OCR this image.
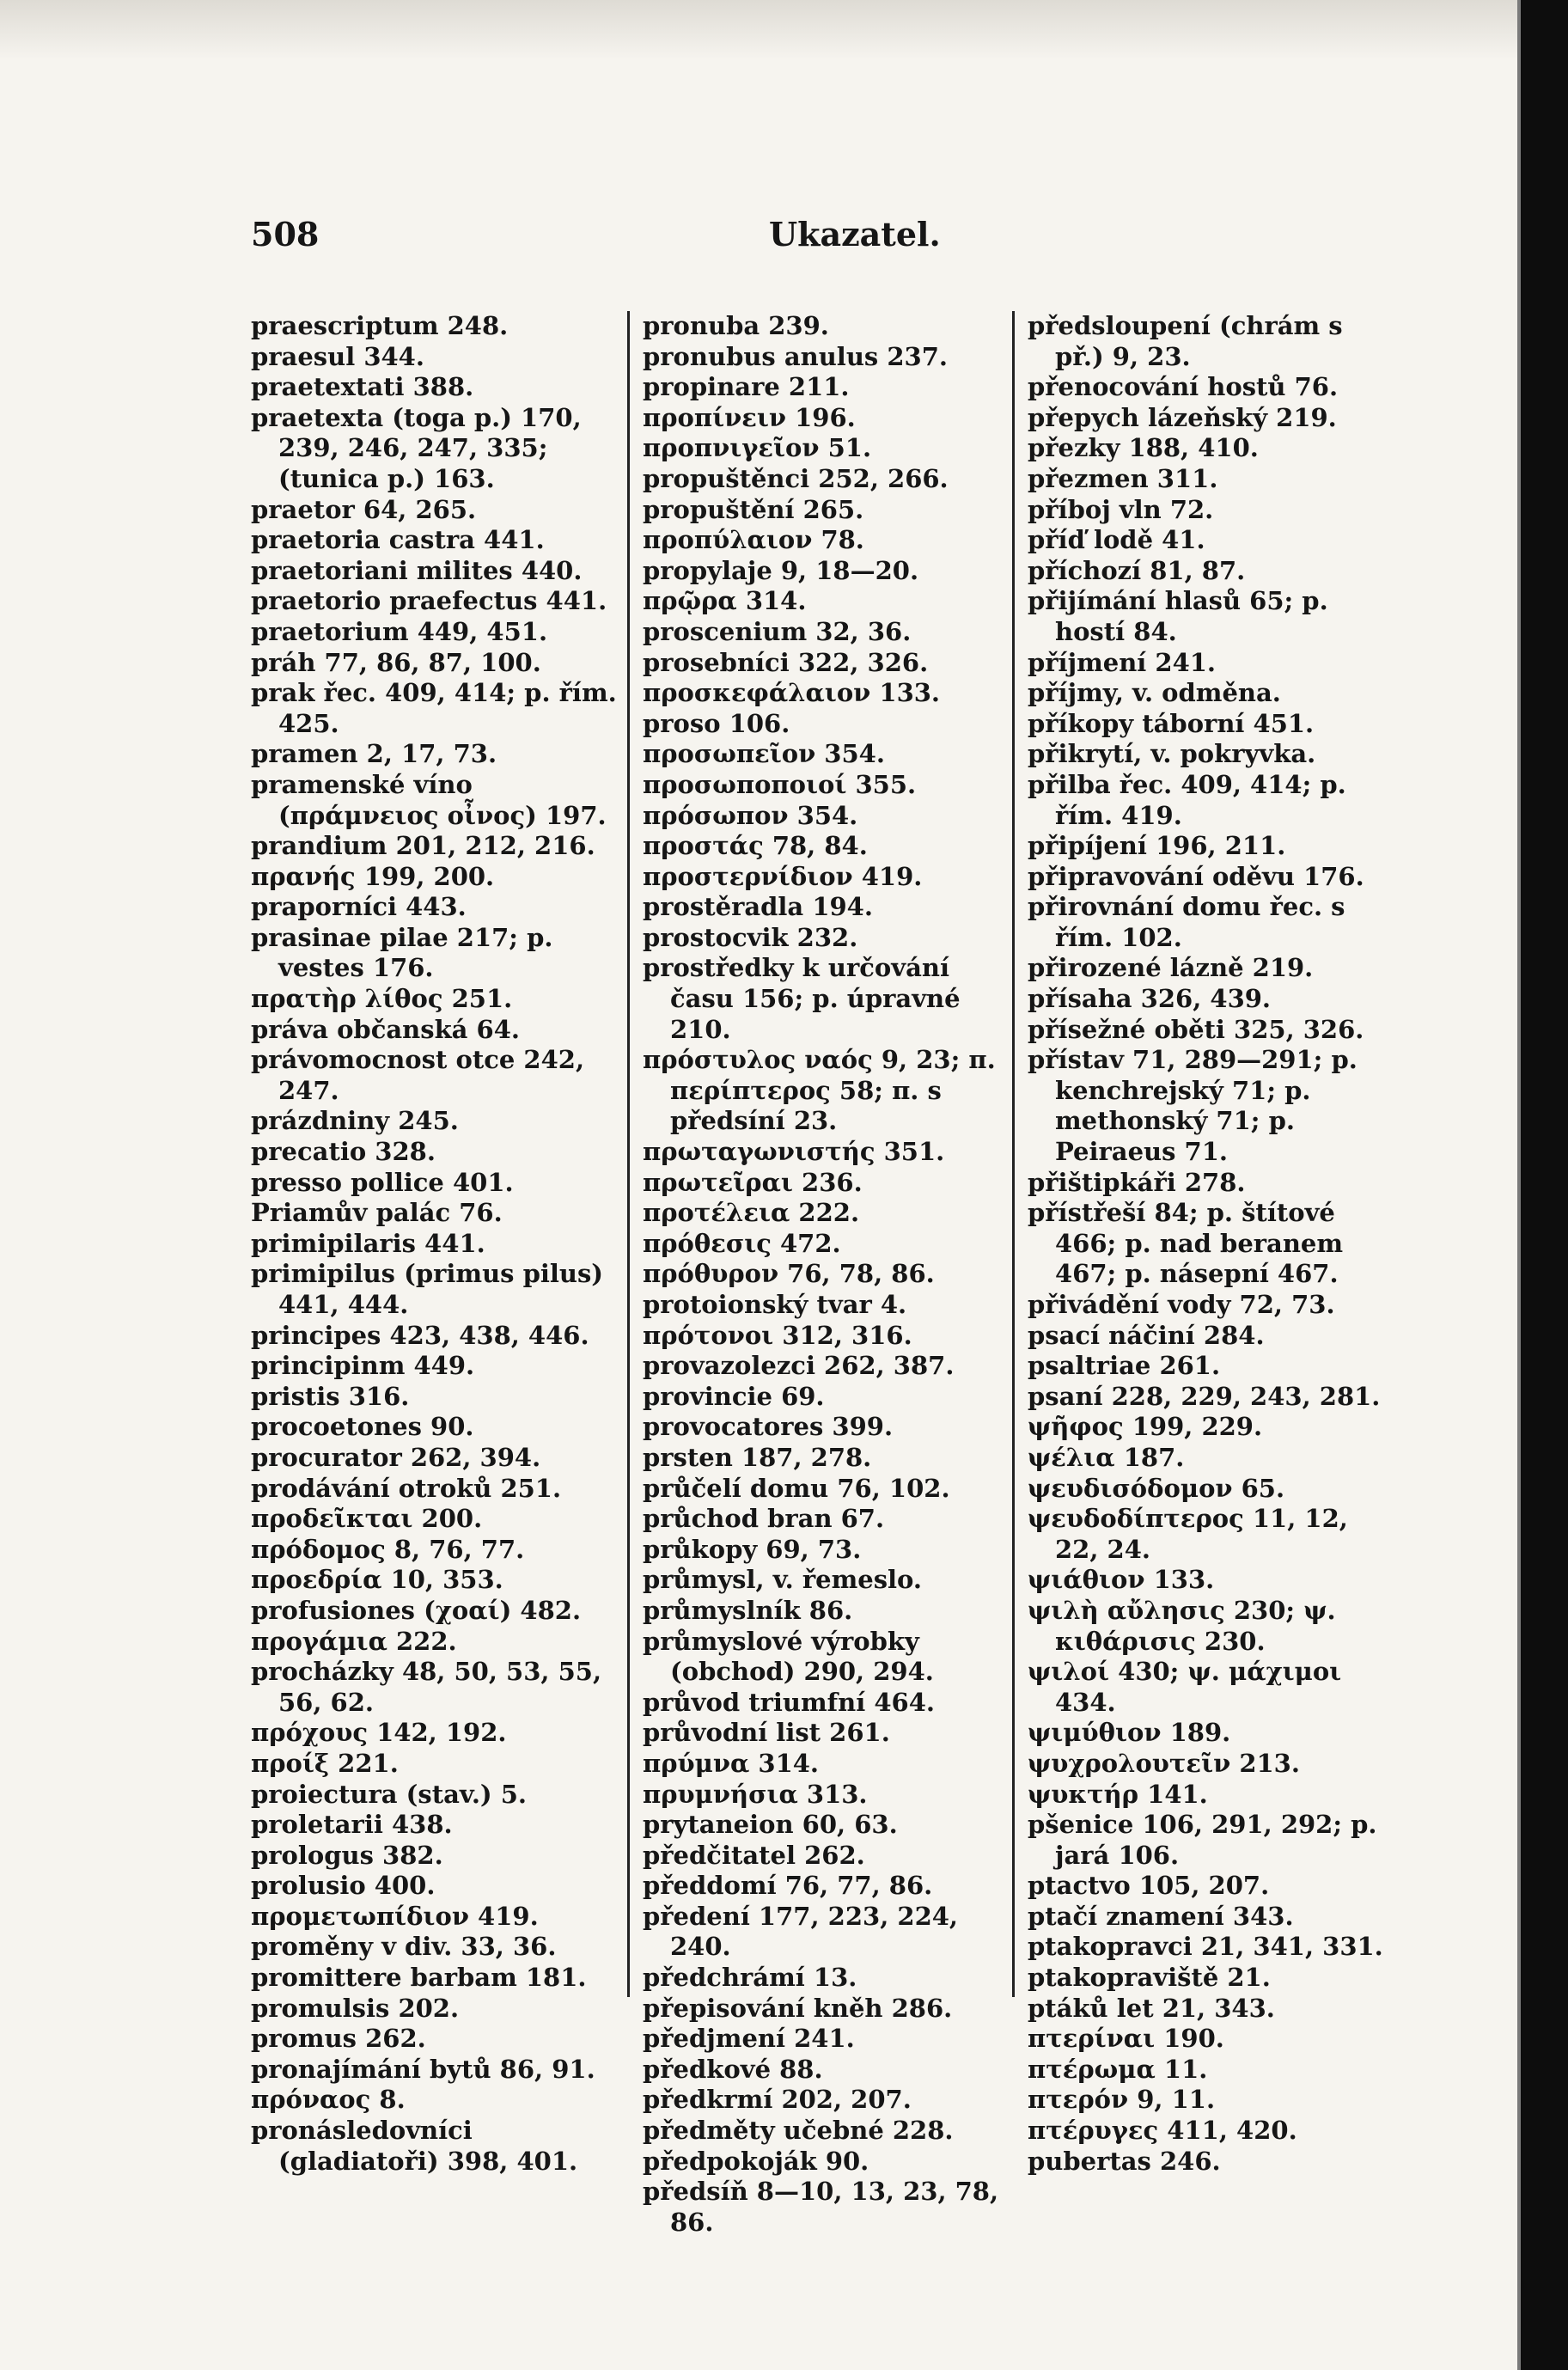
508	Ukazatel.
praescriptum 248.
praesul 344.
praetextati 388.
praetexta (toga p.) 170, 239, 246, 247, 335; (tunica p.) 163.
praetor 64, 265.
praetoria castra 441.
praetoriani milites 440.
praetorio praefectus 441.
praetorium 449, 451.
práh 77, 86, 87, 100.
prak řec. 409, 414; p. řím. 425.
pramen 2, 17, 73.
pramenské víno (πράμνειος οἶνος) 197.
prandium 201, 212, 216.
πρανής 199, 200.
praporníci 443.
prasinae pilae 217; p. vestes 176.
πρατὴρ λίθος 251.
práva občanská 64.
právomocnost otce 242, 247.
prázdniny 245.
precatio 328.
presso pollice 401.
Priamův palác 76.
primipilaris 441.
primipilus (primus pilus) 441, 444.
principes 423, 438, 446.
principinm 449.
pristis 316.
procoetones 90.
procurator 262, 394.
prodávání otroků 251.
προδεῖκται 200.
πρόδομος 8, 76, 77.
προεδρία 10, 353.
profusiones (χοαί) 482.
προγάμια 222.
procházky 48, 50, 53, 55, 56, 62.
πρόχους 142, 192.
προίξ 221.
proiectura (stav.) 5.
proletarii 438.
prologus 382.
prolusio 400.
προμετωπίδιον 419.
proměny v div. 33, 36.
promittere barbam 181.
promulsis 202.
promus 262.
pronajímání bytů 86, 91.
πρόναος 8.
pronásledovníci (gladiatoři) 398, 401.
pronuba 239.
pronubus anulus 237.
propinare 211.
προπίνειν 196.
προπνιγεῖον 51.
propuštěnci 252, 266.
propuštění 265.
προπύλαιον 78.
propylaje 9, 18—20.
πρῷρα 314.
proscenium 32, 36.
prosebníci 322, 326.
προσκεφάλαιον 133.
proso 106.
προσωπεῖον 354.
προσωποποιοί 355.
πρόσωπον 354.
προστάς 78, 84.
προστερνίδιον 419.
prostěradla 194.
prostocvik 232.
prostředky k určování času 156; p. úpravné 210.
πρόστυλος ναός 9, 23; π. περίπτερος 58; π. s předsíní 23.
πρωταγωνιστής 351.
πρωτεῖραι 236.
προτέλεια 222.
πρόθεσις 472.
πρόθυρον 76, 78, 86.
protoionský tvar 4.
πρότονοι 312, 316.
provazolezci 262, 387.
provincie 69.
provocatores 399.
prsten 187, 278.
průčelí domu 76, 102.
průchod bran 67.
průkopy 69, 73.
průmysl, v. řemeslo.
průmyslník 86.
průmyslové výrobky (obchod) 290, 294.
průvod triumfní 464.
průvodní list 261.
πρύμνα 314.
πρυμνήσια 313.
prytaneion 60, 63.
předčitatel 262.
předdomí 76, 77, 86.
předení 177, 223, 224, 240.
předchrámí 13.
přepisování kněh 286.
předjmení 241.
předkové 88.
předkrmí 202, 207.
předměty učebné 228.
předpokoják 90.
předsíň 8—10, 13, 23, 78, 86.
předsloupení (chrám s př.) 9, 23.
přenocování hostů 76.
přepych lázeňský 219.
přezky 188, 410.
přezmen 311.
příboj vln 72.
příď lodě 41.
příchozí 81, 87.
přijímání hlasů 65; p. hostí 84.
příjmení 241.
příjmy, v. odměna.
příkopy táborní 451.
přikrytí, v. pokryvka.
přilba řec. 409, 414; p. řím. 419.
připíjení 196, 211.
připravování oděvu 176.
přirovnání domu řec. s řím. 102.
přirozené lázně 219.
přísaha 326, 439.
přísežné oběti 325, 326.
přístav 71, 289—291; p. kenchrejský 71; p. methonský 71; p. Peiraeus 71.
přištipkáři 278.
přístřeší 84; p. štítové 466; p. nad beranem 467; p. násepní 467.
přivádění vody 72, 73.
psací náčiní 284.
psaltriae 261.
psaní 228, 229, 243, 281.
ψῆφος 199, 229.
ψέλια 187.
ψευδισόδομον 65.
ψευδοδίπτερος 11, 12, 22, 24.
ψιάθιον 133.
ψιλὴ αὔλησις 230; ψ. κιθάρισις 230.
ψιλοί 430; ψ. μάχιμοι 434.
ψιμύθιον 189.
ψυχρολουτεῖν 213.
ψυκτήρ 141.
pšenice 106, 291, 292; p. jará 106.
ptactvo 105, 207.
ptačí znamení 343.
ptakopravci 21, 341, 331.
ptakopraviště 21.
ptáků let 21, 343.
πτερίναι 190.
πτέρωμα 11.
πτερόν 9, 11.
πτέρυγες 411, 420.
pubertas 246.
